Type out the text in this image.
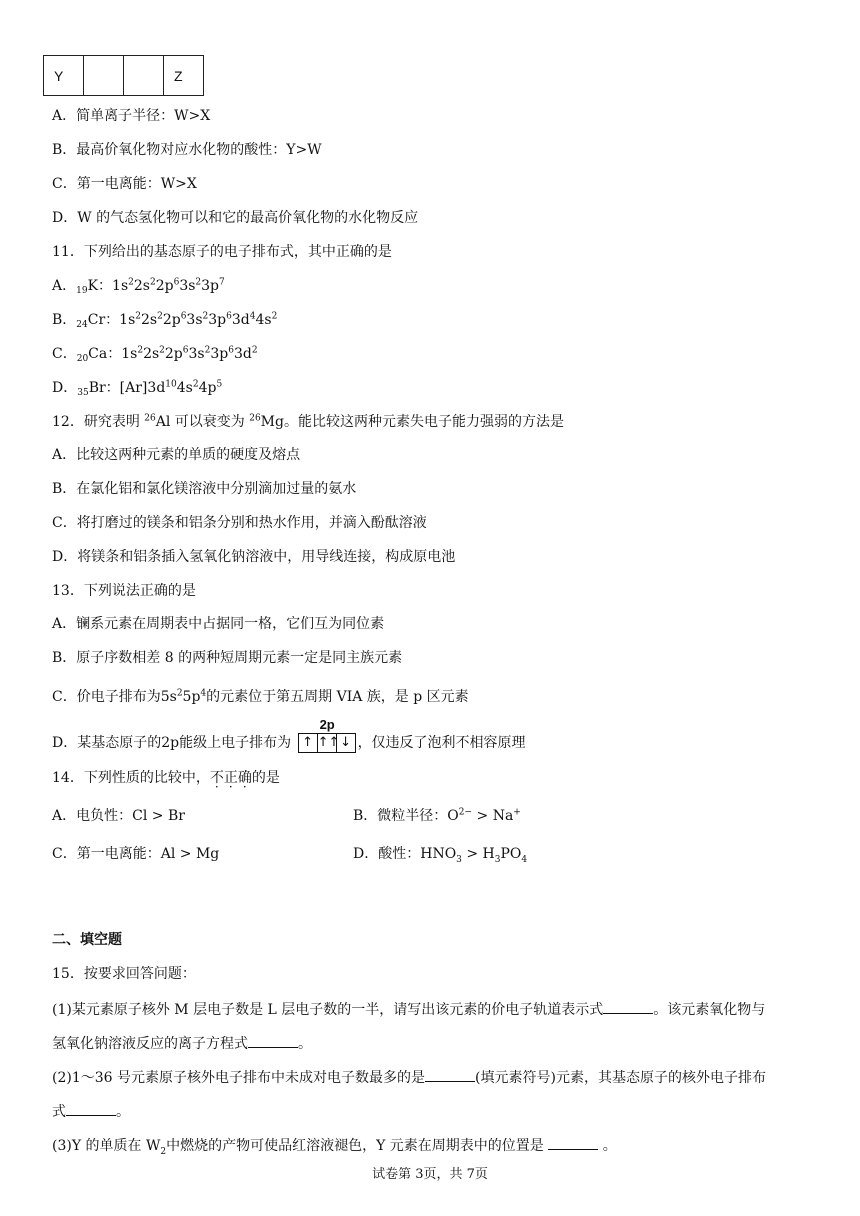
Y			Z
A．简单离子半径：W>X
B．最高价氧化物对应水化物的酸性：Y>W
C．第一电离能：W>X
D．W 的气态氢化物可以和它的最高价氧化物的水化物反应
11．下列给出的基态原子的电子排布式，其中正确的是
A．$_{19}$K：$1s^22s^22p^63s^23p^7$
B．$_{24}$Cr：$1s^22s^22p^63s^23p^63d^44s^2$
C．$_{20}$Ca：$1s^22s^22p^63s^23p^63d^2$
D．$_{35}$Br：$[Ar]3d^{10}4s^24p^5$
12．研究表明 $^{26}$Al 可以衰变为 $^{26}$Mg。能比较这两种元素失电子能力强弱的方法是
A．比较这两种元素的单质的硬度及熔点
B．在氯化铝和氯化镁溶液中分别滴加过量的氨水
C．将打磨过的镁条和铝条分别和热水作用，并滴入酚酞溶液
D．将镁条和铝条插入氢氧化钠溶液中，用导线连接，构成原电池
13．下列说法正确的是
A．镧系元素在周期表中占据同一格，它们互为同位素
B．原子序数相差 8 的两种短周期元素一定是同主族元素
C．价电子排布为$5s^25p^4$的元素位于第五周期 VIA 族，是 p 区元素
D．某基态原子的2p能级上电子排布为
2p
↑ ↑↑↓ ，仅违反了泡利不相容原理
14．下列性质的比较中，不正确的是
A．电负性：Cl > Br	B．微粒半径：$O^{2-} > Na^+$
C．第一电离能：Al > Mg	D．酸性：$HNO_3 > H_3PO_4$
二、填空题
15．按要求回答问题：
(1)某元素原子核外 M 层电子数是 L 层电子数的一半，请写出该元素的价电子轨道表示式	。该元素氧化物与
氢氧化钠溶液反应的离子方程式	。
(2)1～36 号元素原子核外电子排布中未成对电子数最多的是	(填元素符号)元素，其基态原子的核外电子排布
式	。
(3)Y 的单质在 $W_2$中燃烧的产物可使品红溶液褪色，Y 元素在周期表中的位置是	。
试卷第 3页，共 7页
